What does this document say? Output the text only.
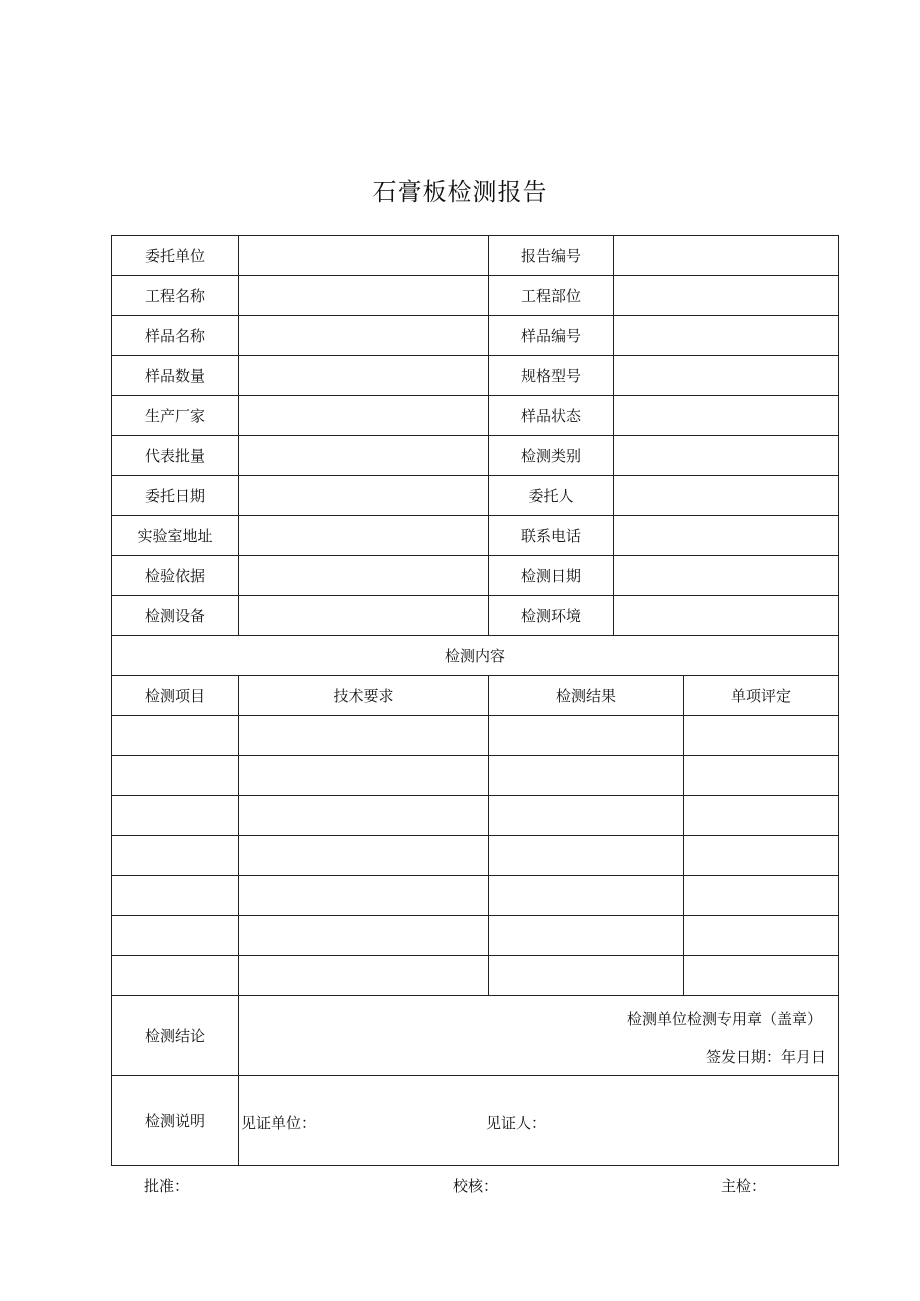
石膏板检测报告
委托单位		报告编号		
工程名称		工程部位		
样品名称		样品编号		
样品数量		规格型号		
生产厂家		样品状态		
代表批量		检测类别		
委托日期		委托人		
实验室地址		联系电话		
检验依据		检测日期		
检测设备		检测环境		
检测内容				
检测项目	技术要求	检测结果		单项评定

检测结论	检测单位检测专用章（盖章）
签发日期：年月日			

检测说明	见证单位： 见证人：			
批准：	校核：	主检：
